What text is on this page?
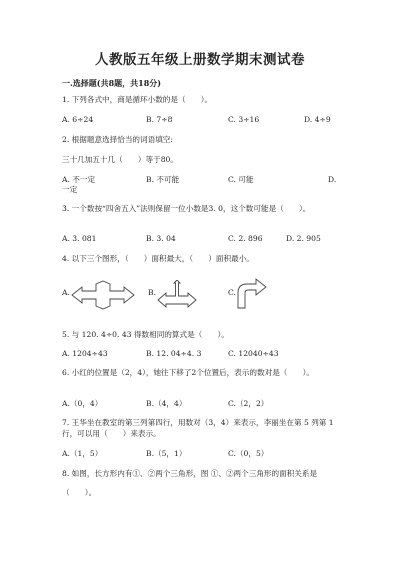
人教版五年级上册数学期末测试卷
一.选择题(共8题，共18分)
1. 下列各式中，商是循环小数的是（　　）。
A. 6÷24	B. 7÷8	C. 3÷16	D. 4÷9
2. 根据题意选择恰当的词语填空:
三十几加五十几（　　）等于80。
A. 不一定	B. 不可能	C. 可能	D.
一定
3. 一个数按“四舍五入”法则保留一位小数是3. 0，这个数可能是（　　）。
A. 3. 081	B. 3. 04	C. 2. 896	D. 2. 905
4. 以下三个图形，（　　）面积最大，（　　）面积最小。
A.	B.	C.
5. 与 120. 4÷0. 43 得数相同的算式是（　　）。
A. 1204÷43	B. 12. 04÷4. 3	C. 12040÷43
6. 小红的位置是（2，4），她往下移了2个位置后，表示的数对是（　　）。
A.（0，4）	B.（4，4）	C.（2，2）
7. 王华坐在教室的第三列第四行，用数对（3，4）来表示，李丽坐在第 5 列第 1
行，可以用（　　）来表示。
A.（1，5）	B.（5，1）	C.（0，5）
8. 如图，长方形内有①、②两个三角形，图 ①、②两个三角形的面积关系是
（　　）。
